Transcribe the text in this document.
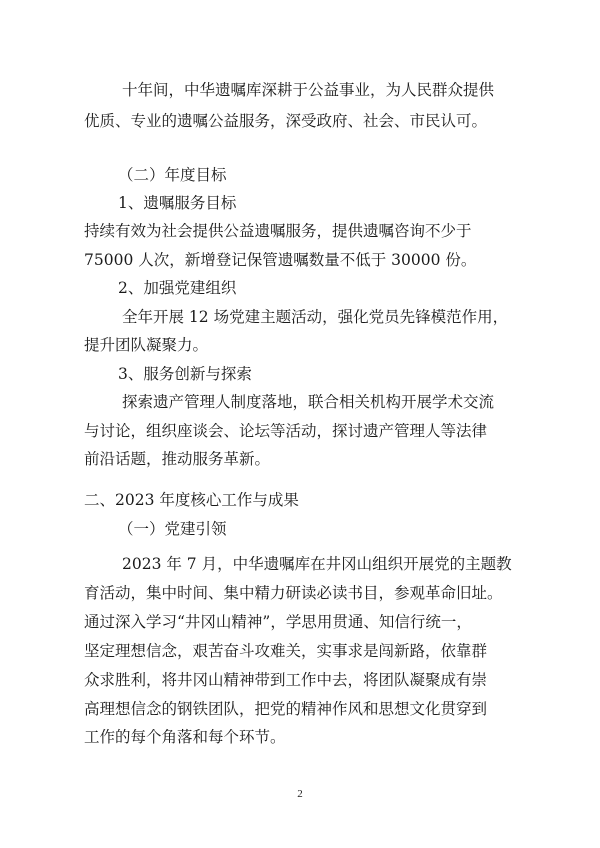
十年间，中华遗嘱库深耕于公益事业，为人民群众提供
优质、专业的遗嘱公益服务，深受政府、社会、市民认可。
（二）年度目标
1、遗嘱服务目标
持续有效为社会提供公益遗嘱服务，提供遗嘱咨询不少于
75000 人次，新增登记保管遗嘱数量不低于 30000 份。
2、加强党建组织
全年开展 12 场党建主题活动，强化党员先锋模范作用，
提升团队凝聚力。
3、服务创新与探索
探索遗产管理人制度落地，联合相关机构开展学术交流
与讨论，组织座谈会、论坛等活动，探讨遗产管理人等法律
前沿话题，推动服务革新。
二、2023 年度核心工作与成果
（一）党建引领
2023 年 7 月，中华遗嘱库在井冈山组织开展党的主题教
育活动，集中时间、集中精力研读必读书目，参观革命旧址。
通过深入学习“井冈山精神”，学思用贯通、知信行统一，
坚定理想信念，艰苦奋斗攻难关，实事求是闯新路，依靠群
众求胜利，将井冈山精神带到工作中去，将团队凝聚成有崇
高理想信念的钢铁团队，把党的精神作风和思想文化贯穿到
工作的每个角落和每个环节。
2
